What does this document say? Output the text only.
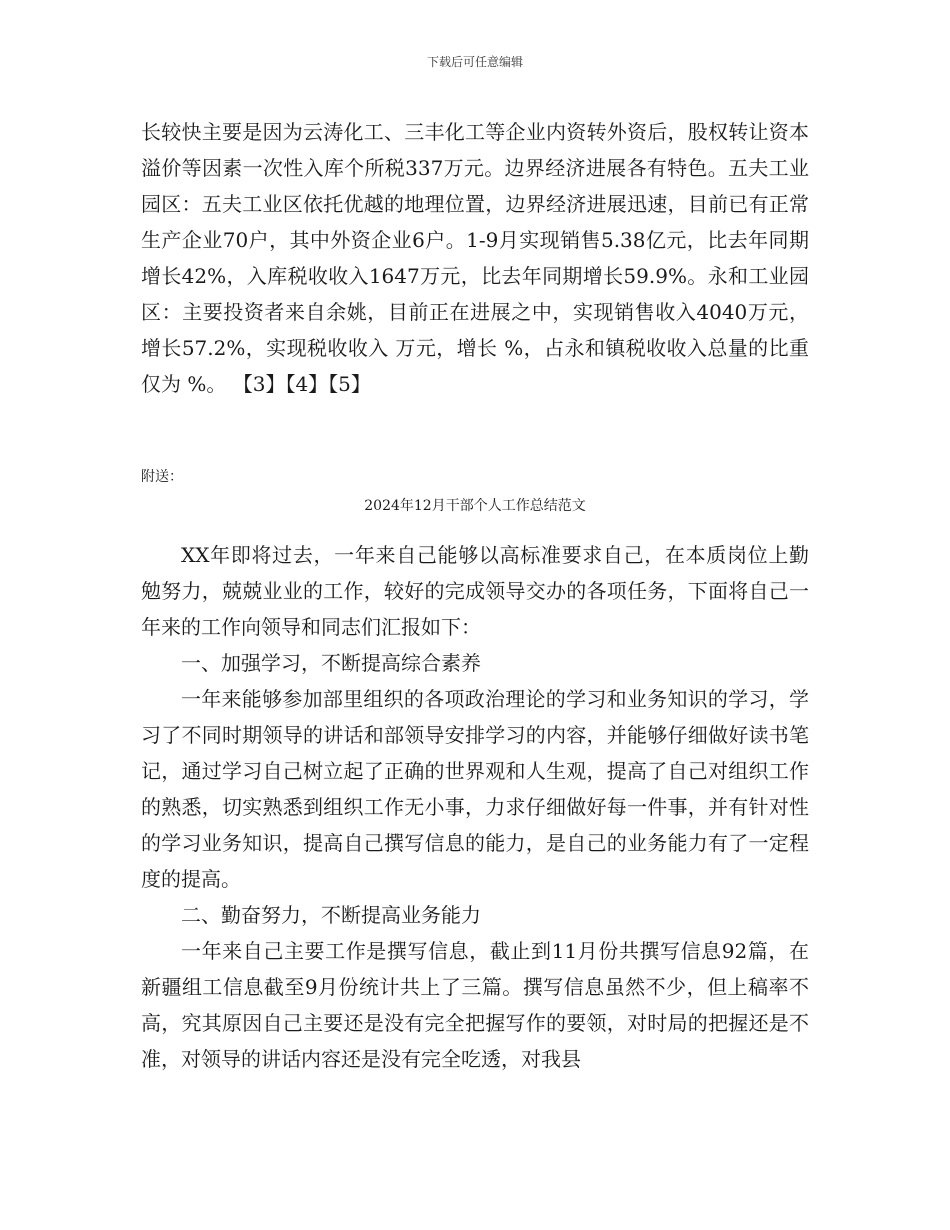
下载后可任意编辑

长较快主要是因为云涛化工、三丰化工等企业内资转外资后，股权转让资本溢价等因素一次性入库个所税337万元。边界经济进展各有特色。五夫工业园区：五夫工业区依托优越的地理位置，边界经济进展迅速，目前已有正常生产企业70户，其中外资企业6户。1-9月实现销售5.38亿元，比去年同期增长42%，入库税收收入1647万元，比去年同期增长59.9%。永和工业园区：主要投资者来自余姚，目前正在进展之中，实现销售收入4040万元，增长57.2%，实现税收收入 万元，增长 %，占永和镇税收收入总量的比重仅为 %。 【3】【4】【5】

附送：

2024年12月干部个人工作总结范文

XX年即将过去，一年来自己能够以高标准要求自己，在本质岗位上勤勉努力，兢兢业业的工作，较好的完成领导交办的各项任务，下面将自己一年来的工作向领导和同志们汇报如下：

一、加强学习，不断提高综合素养

一年来能够参加部里组织的各项政治理论的学习和业务知识的学习，学习了不同时期领导的讲话和部领导安排学习的内容，并能够仔细做好读书笔记，通过学习自己树立起了正确的世界观和人生观，提高了自己对组织工作的熟悉，切实熟悉到组织工作无小事，力求仔细做好每一件事，并有针对性的学习业务知识，提高自己撰写信息的能力，是自己的业务能力有了一定程度的提高。

二、勤奋努力，不断提高业务能力

一年来自己主要工作是撰写信息，截止到11月份共撰写信息92篇，在新疆组工信息截至9月份统计共上了三篇。撰写信息虽然不少，但上稿率不高，究其原因自己主要还是没有完全把握写作的要领，对时局的把握还是不准，对领导的讲话内容还是没有完全吃透，对我县
